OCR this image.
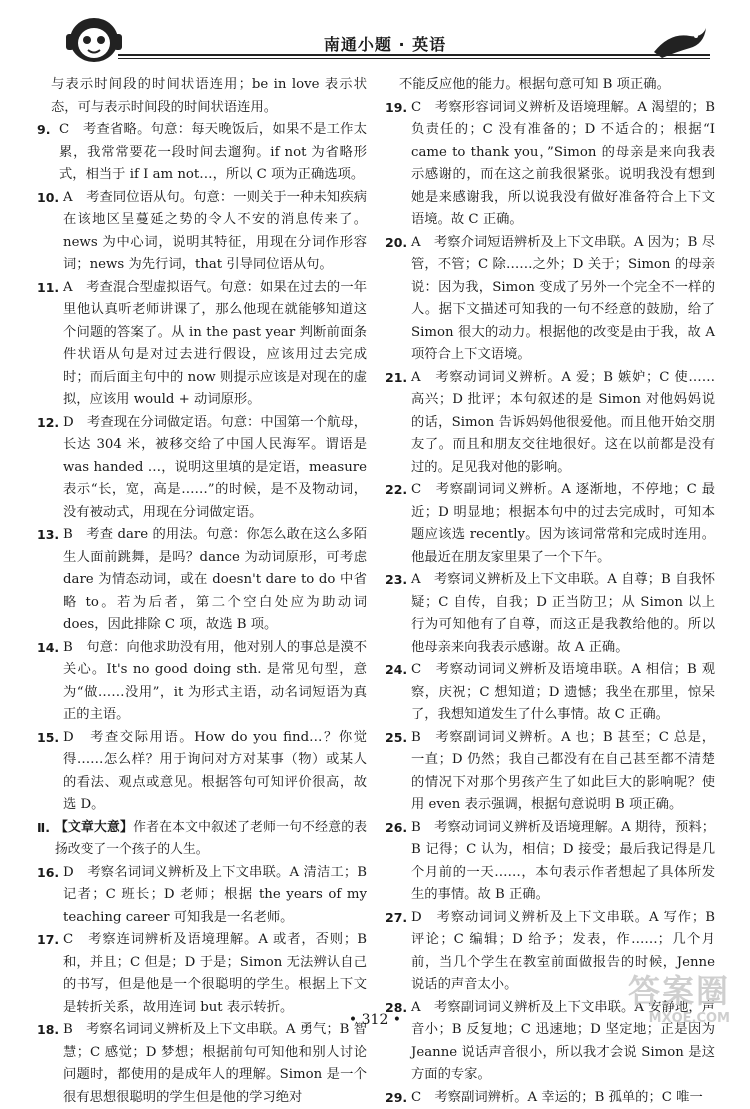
南通小题 · 英语
与表示时间段的时间状语连用；be in love 表示状态，可与表示时间段的时间状语连用。
9. C　考查省略。句意：每天晚饭后，如果不是工作太累，我常常要花一段时间去遛狗。if not 为省略形式，相当于 if I am not…，所以 C 项为正确选项。
10. A　考查同位语从句。句意：一则关于一种未知疾病在该地区呈蔓延之势的令人不安的消息传来了。news 为中心词，说明其特征，用现在分词作形容词；news 为先行词，that 引导同位语从句。
11. A　考查混合型虚拟语气。句意：如果在过去的一年里他认真听老师讲课了，那么他现在就能够知道这个问题的答案了。从 in the past year 判断前面条件状语从句是对过去进行假设，应该用过去完成时；而后面主句中的 now 则提示应该是对现在的虚拟，应该用 would + 动词原形。
12. D　考查现在分词做定语。句意：中国第一个航母，长达 304 米，被移交给了中国人民海军。谓语是 was handed …，说明这里填的是定语，measure 表示“长，宽，高是……”的时候，是不及物动词，没有被动式，用现在分词做定语。
13. B　考查 dare 的用法。句意：你怎么敢在这么多陌生人面前跳舞，是吗？dance 为动词原形，可考虑 dare 为情态动词，或在 doesn't dare to do 中省略 to。若为后者，第二个空白处应为助动词 does，因此排除 C 项，故选 B 项。
14. B　句意：向他求助没有用，他对别人的事总是漠不关心。It's no good doing sth. 是常见句型，意为“做……没用”，it 为形式主语，动名词短语为真正的主语。
15. D　考查交际用语。How do you find…？你觉得……怎么样？用于询问对方对某事（物）或某人的看法、观点或意见。根据答句可知评价很高，故选 D。
Ⅱ. 【文章大意】作者在本文中叙述了老师一句不经意的表扬改变了一个孩子的人生。
16. D　考察名词词义辨析及上下文串联。A 清洁工；B 记者；C 班长；D 老师；根据 the years of my teaching career 可知我是一名老师。
17. C　考察连词辨析及语境理解。A 或者，否则；B 和，并且；C 但是；D 于是；Simon 无法辨认自己的书写，但是他是一个很聪明的学生。根据上下文是转折关系，故用连词 but 表示转折。
18. B　考察名词词义辨析及上下文串联。A 勇气；B 智慧；C 感觉；D 梦想；根据前句可知他和别人讨论问题时，都使用的是成年人的理解。Simon 是一个很有思想很聪明的学生但是他的学习绝对
不能反应他的能力。根据句意可知 B 项正确。
19. C　考察形容词词义辨析及语境理解。A 渴望的；B 负责任的；C 没有准备的；D 不适合的；根据“I came to thank you，”Simon 的母亲是来向我表示感谢的，而在这之前我很紧张。说明我没有想到她是来感谢我，所以说我没有做好准备符合上下文语境。故 C 正确。
20. A　考察介词短语辨析及上下文串联。A 因为；B 尽管，不管；C 除……之外；D 关于；Simon 的母亲说：因为我，Simon 变成了另外一个完全不一样的人。据下文描述可知我的一句不经意的鼓励，给了 Simon 很大的动力。根据他的改变是由于我，故 A 项符合上下文语境。
21. A　考察动词词义辨析。A 爱；B 嫉妒；C 使……高兴；D 批评；本句叙述的是 Simon 对他妈妈说的话，Simon 告诉妈妈他很爱他。而且他开始交朋友了。而且和朋友交往地很好。这在以前都是没有过的。足见我对他的影响。
22. C　考察副词词义辨析。A 逐渐地，不停地；C 最近；D 明显地；根据本句中的过去完成时，可知本题应该选 recently。因为该词常常和完成时连用。他最近在朋友家里果了一个下午。
23. A　考察词义辨析及上下文串联。A 自尊；B 自我怀疑；C 自传，自我；D 正当防卫；从 Simon 以上行为可知他有了自尊，而这正是我教给他的。所以他母亲来向我表示感谢。故 A 正确。
24. C　考察动词词义辨析及语境串联。A 相信；B 观察，庆祝；C 想知道；D 遗憾；我坐在那里，惊呆了，我想知道发生了什么事情。故 C 正确。
25. B　考察副词词义辨析。A 也；B 甚至；C 总是，一直；D 仍然；我自己都没有在自己甚至都不清楚的情况下对那个男孩产生了如此巨大的影响呢？使用 even 表示强调，根据句意说明 B 项正确。
26. B　考察动词词义辨析及语境理解。A 期待，预料；B 记得；C 认为，相信；D 接受；最后我记得是几个月前的一天……，本句表示作者想起了具体所发生的事情。故 B 正确。
27. D　考察动词词义辨析及上下文串联。A 写作；B 评论；C 编辑；D 给予；发表，作……；几个月前，当几个学生在教室前面做报告的时候，Jenne 说话的声音太小。
28. A　考察副词词义辨析及上下文串联。A 安静地，声音小；B 反复地；C 迅速地；D 坚定地；正是因为 Jeanne 说话声音很小，所以我才会说 Simon 是这方面的专家。
29. C　考察副词辨析。A 幸运的；B 孤单的；C 唯一
• 312 •
答案圈
MXQE.COM
